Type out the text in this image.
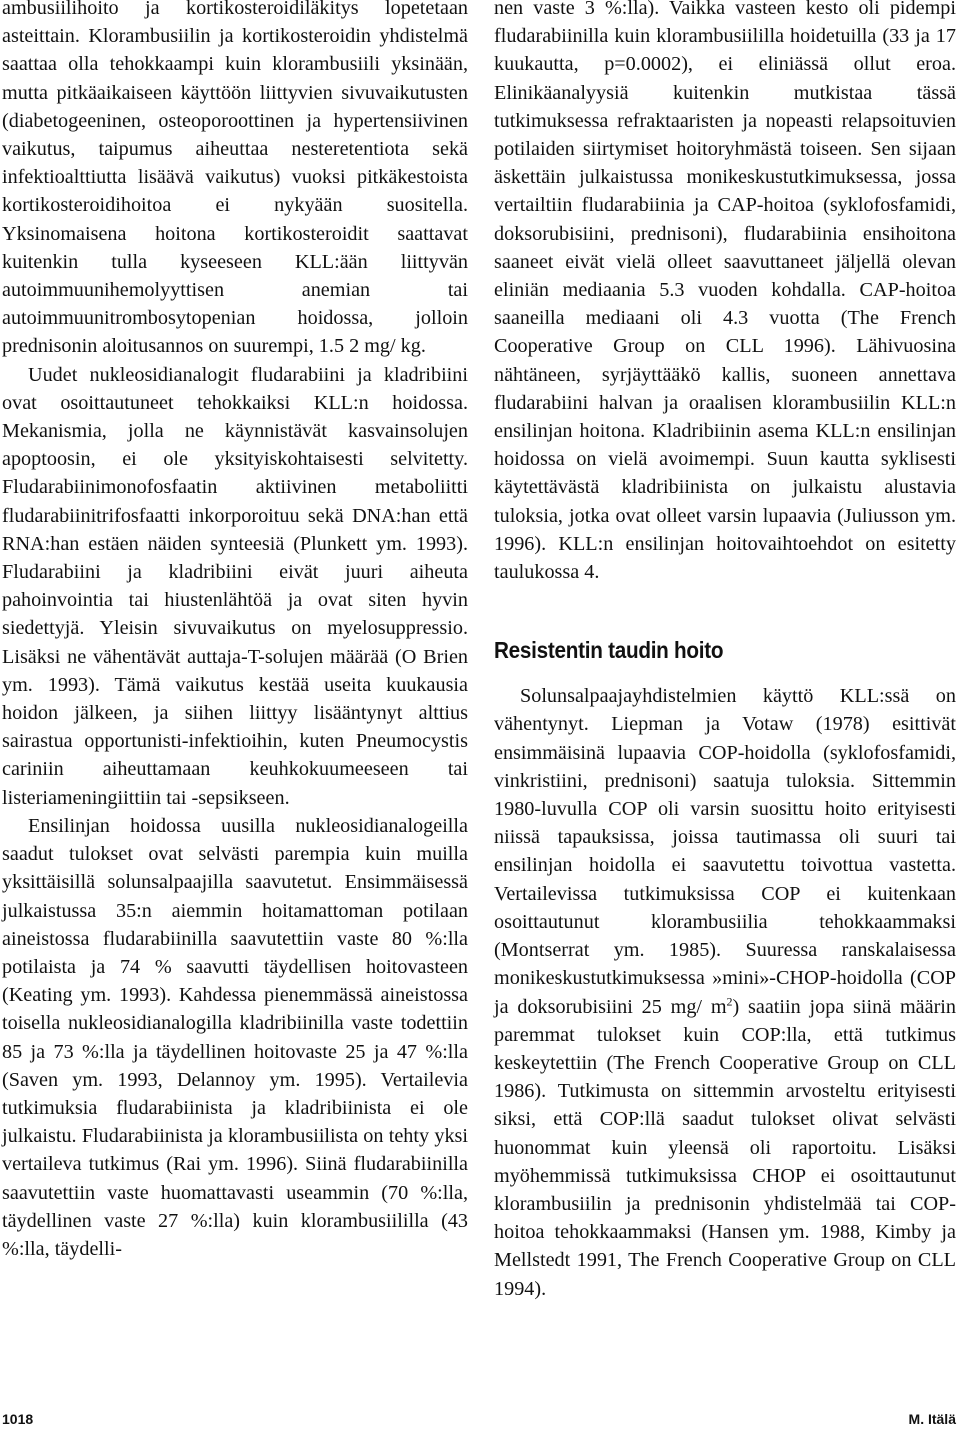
ambusiilihoito ja kortikosteroidiläkitys lopetetaan asteittain. Klorambusiilin ja kortikosteroidin yhdistelmä saattaa olla tehokkaampi kuin klorambusiili yksinään, mutta pitkäaikaiseen käyttöön liittyvien sivuvaikutusten (diabetogeeninen, osteoporoottinen ja hypertensiivinen vaikutus, taipumus aiheuttaa nesteretentiota sekä infektioalttiutta lisäävä vaikutus) vuoksi pitkäkestoista kortikosteroidihoitoa ei nykyään suositella. Yksinomaisena hoitona kortikosteroidit saattavat kuitenkin tulla kyseeseen KLL:ään liittyvän autoimmuunihemolyyttisen anemian tai autoimmuunitrombosytopenian hoidossa, jolloin prednisonin aloitusannos on suurempi, 1.5 2 mg/ kg.

Uudet nukleosidianalogit fludarabiini ja kladribiini ovat osoittautuneet tehokkaiksi KLL:n hoidossa. Mekanismia, jolla ne käynnistävät kasvainsolujen apoptoosin, ei ole yksityiskohtaisesti selvitetty. Fludarabiinimonofosfaatin aktiivinen metaboliitti fludarabiinitrifosfaatti inkorporoituu sekä DNA:han että RNA:han estäen näiden synteesiä (Plunkett ym. 1993). Fludarabiini ja kladribiini eivät juuri aiheuta pahoinvointia tai hiustenlähtöä ja ovat siten hyvin siedettyjä. Yleisin sivuvaikutus on myelosuppressio. Lisäksi ne vähentävät auttaja-T-solujen määrää (O Brien ym. 1993). Tämä vaikutus kestää useita kuukausia hoidon jälkeen, ja siihen liittyy lisääntynyt alttius sairastua opportunisti-infektioihin, kuten Pneumocystis cariniin aiheuttamaan keuhkokuumeeseen tai listeriameningiittiin tai -sepsikseen.

Ensilinjan hoidossa uusilla nukleosidianalogeilla saadut tulokset ovat selvästi parempia kuin muilla yksittäisillä solunsalpaajilla saavutetut. Ensimmäisessä julkaistussa 35:n aiemmin hoitamattoman potilaan aineistossa fludarabiinilla saavutettiin vaste 80 %:lla potilaista ja 74 % saavutti täydellisen hoitovasteen (Keating ym. 1993). Kahdessa pienemmässä aineistossa toisella nukleosidianalogilla kladribiinilla vaste todettiin 85 ja 73 %:lla ja täydellinen hoitovaste 25 ja 47 %:lla (Saven ym. 1993, Delannoy ym. 1995). Vertailevia tutkimuksia fludarabiinista ja kladribiinista ei ole julkaistu. Fludarabiinista ja klorambusiilista on tehty yksi vertaileva tutkimus (Rai ym. 1996). Siinä fludarabiinilla saavutettiin vaste huomattavasti useammin (70 %:lla, täydellinen vaste 27 %:lla) kuin klorambusiililla (43 %:lla, täydelli-

nen vaste 3 %:lla). Vaikka vasteen kesto oli pidempi fludarabiinilla kuin klorambusiililla hoidetuilla (33 ja 17 kuukautta, p=0.0002), ei eliniässä ollut eroa. Elinikäanalyysiä kuitenkin mutkistaa tässä tutkimuksessa refraktaaristen ja nopeasti relapsoituvien potilaiden siirtymiset hoitoryhmästä toiseen. Sen sijaan äskettäin julkaistussa monikeskustutkimuksessa, jossa vertailtiin fludarabiinia ja CAP-hoitoa (syklofosfamidi, doksorubisiini, prednisoni), fludarabiinia ensihoitona saaneet eivät vielä olleet saavuttaneet jäljellä olevan eliniän mediaania 5.3 vuoden kohdalla. CAP-hoitoa saaneilla mediaani oli 4.3 vuotta (The French Cooperative Group on CLL 1996). Lähivuosina nähtäneen, syrjäyttääkö kallis, suoneen annettava fludarabiini halvan ja oraalisen klorambusiilin KLL:n ensilinjan hoitona. Kladribiinin asema KLL:n ensilinjan hoidossa on vielä avoimempi. Suun kautta syklisesti käytettävästä kladribiinista on julkaistu alustavia tuloksia, jotka ovat olleet varsin lupaavia (Juliusson ym. 1996). KLL:n ensilinjan hoitovaihtoehdot on esitetty taulukossa 4.

Resistentin taudin hoito

Solunsalpaajayhdistelmien käyttö KLL:ssä on vähentynyt. Liepman ja Votaw (1978) esittivät ensimmäisinä lupaavia COP-hoidolla (syklofosfamidi, vinkristiini, prednisoni) saatuja tuloksia. Sittemmin 1980-luvulla COP oli varsin suosittu hoito erityisesti niissä tapauksissa, joissa tautimassa oli suuri tai ensilinjan hoidolla ei saavutettu toivottua vastetta. Vertailevissa tutkimuksissa COP ei kuitenkaan osoittautunut klorambusiilia tehokkaammaksi (Montserrat ym. 1985). Suuressa ranskalaisessa monikeskustutkimuksessa »mini»-CHOP-hoidolla (COP ja doksorubisiini 25 mg/ $m^2$) saatiin jopa siinä määrin paremmat tulokset kuin COP:lla, että tutkimus keskeytettiin (The French Cooperative Group on CLL 1986). Tutkimusta on sittemmin arvosteltu erityisesti siksi, että COP:llä saadut tulokset olivat selvästi huonommat kuin yleensä oli raportoitu. Lisäksi myöhemmissä tutkimuksissa CHOP ei osoittautunut klorambusiilin ja prednisonin yhdistelmää tai COP-hoitoa tehokkaammaksi (Hansen ym. 1988, Kimby ja Mellstedt 1991, The French Cooperative Group on CLL 1994).

1018	M. Itälä
